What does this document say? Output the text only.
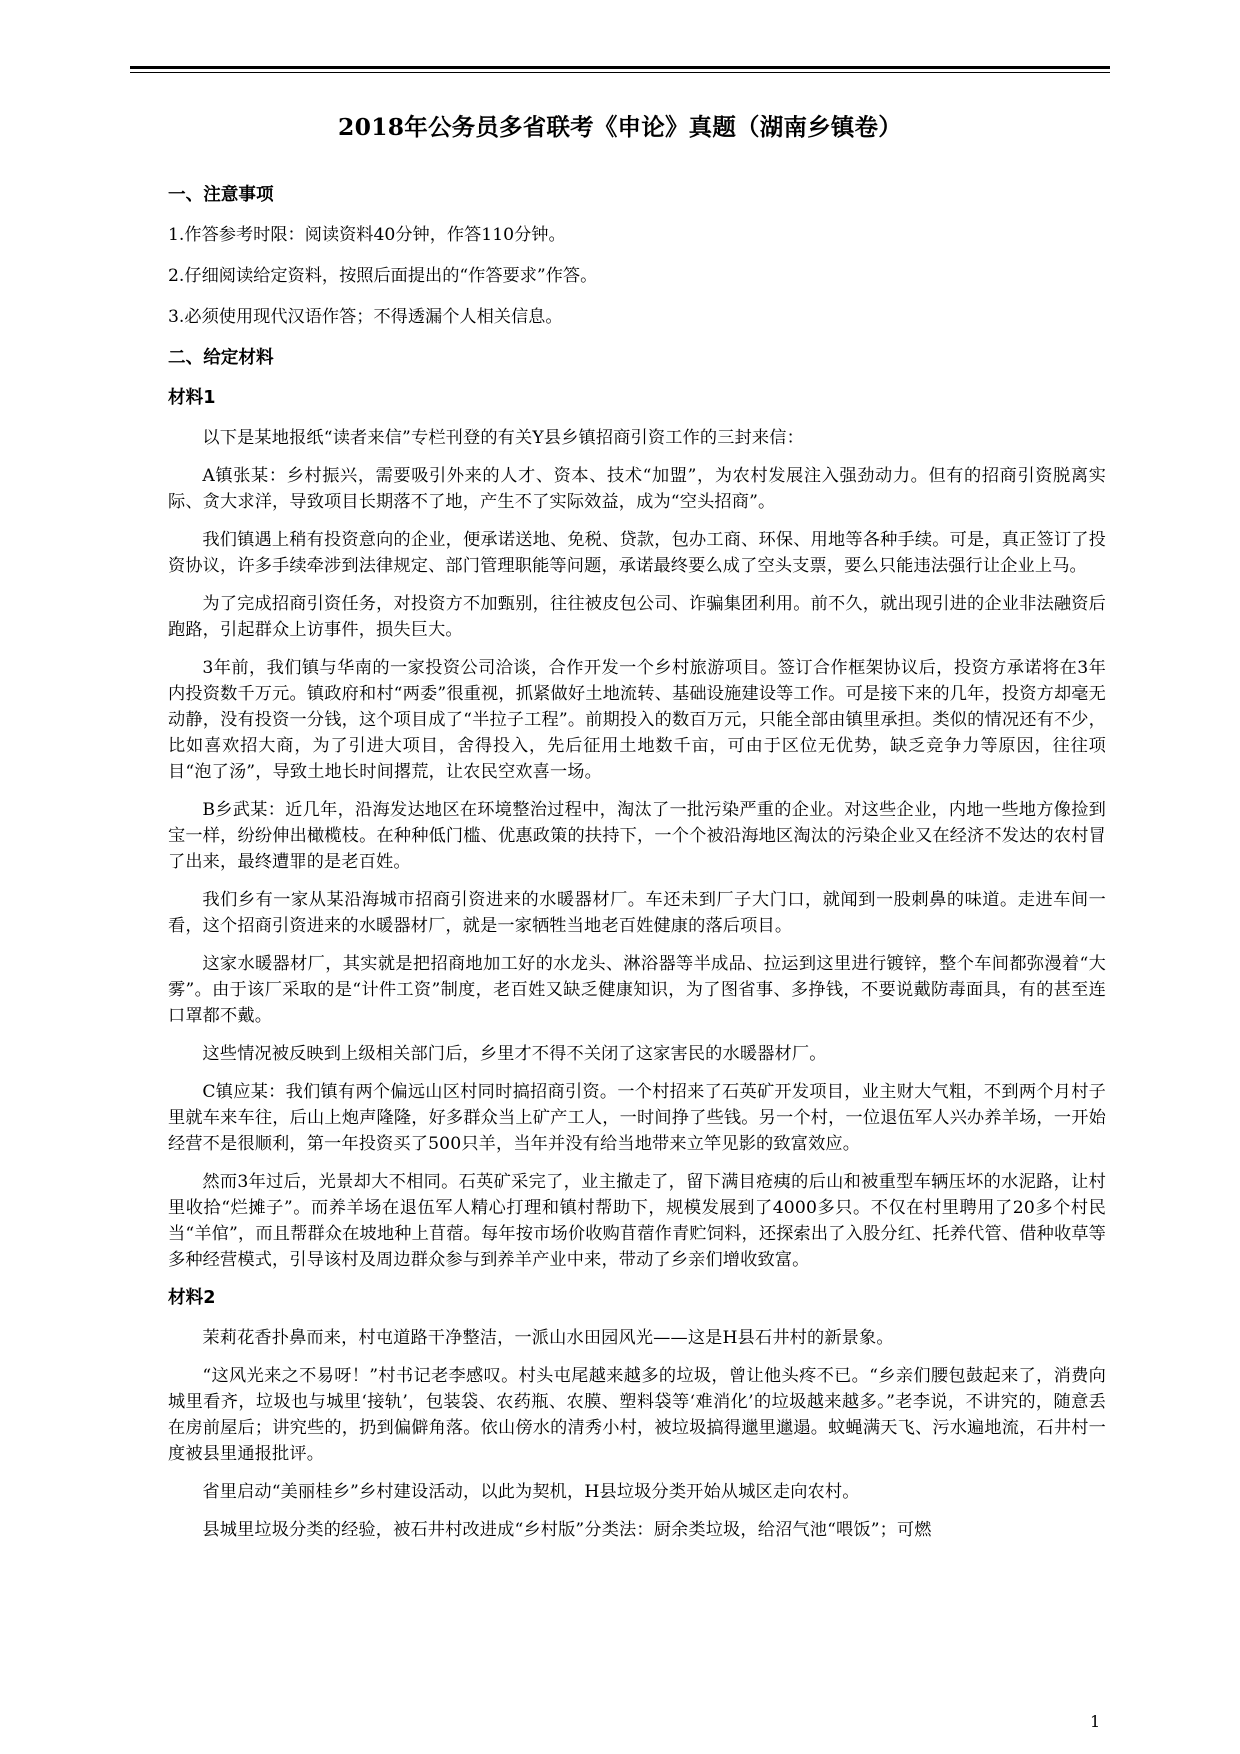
2018年公务员多省联考《申论》真题（湖南乡镇卷）
一、注意事项
1.作答参考时限：阅读资料40分钟，作答110分钟。
2.仔细阅读给定资料，按照后面提出的“作答要求”作答。
3.必须使用现代汉语作答；不得透漏个人相关信息。
二、给定材料
材料1

以下是某地报纸“读者来信”专栏刊登的有关Y县乡镇招商引资工作的三封来信：

A镇张某：乡村振兴，需要吸引外来的人才、资本、技术“加盟”，为农村发展注入强劲动力。但有的招商引资脱离实际、贪大求洋，导致项目长期落不了地，产生不了实际效益，成为“空头招商”。

我们镇遇上稍有投资意向的企业，便承诺送地、免税、贷款，包办工商、环保、用地等各种手续。可是，真正签订了投资协议，许多手续牵涉到法律规定、部门管理职能等问题，承诺最终要么成了空头支票，要么只能违法强行让企业上马。

为了完成招商引资任务，对投资方不加甄别，往往被皮包公司、诈骗集团利用。前不久，就出现引进的企业非法融资后跑路，引起群众上访事件，损失巨大。

3年前，我们镇与华南的一家投资公司洽谈，合作开发一个乡村旅游项目。签订合作框架协议后，投资方承诺将在3年内投资数千万元。镇政府和村“两委”很重视，抓紧做好土地流转、基础设施建设等工作。可是接下来的几年，投资方却毫无动静，没有投资一分钱，这个项目成了“半拉子工程”。前期投入的数百万元，只能全部由镇里承担。类似的情况还有不少，比如喜欢招大商，为了引进大项目，舍得投入，先后征用土地数千亩，可由于区位无优势，缺乏竞争力等原因，往往项目“泡了汤”，导致土地长时间撂荒，让农民空欢喜一场。

B乡武某：近几年，沿海发达地区在环境整治过程中，淘汰了一批污染严重的企业。对这些企业，内地一些地方像捡到宝一样，纷纷伸出橄榄枝。在种种低门槛、优惠政策的扶持下，一个个被沿海地区淘汰的污染企业又在经济不发达的农村冒了出来，最终遭罪的是老百姓。

我们乡有一家从某沿海城市招商引资进来的水暖器材厂。车还未到厂子大门口，就闻到一股刺鼻的味道。走进车间一看，这个招商引资进来的水暖器材厂，就是一家牺牲当地老百姓健康的落后项目。

这家水暖器材厂，其实就是把招商地加工好的水龙头、淋浴器等半成品、拉运到这里进行镀锌，整个车间都弥漫着“大雾”。由于该厂采取的是“计件工资”制度，老百姓又缺乏健康知识，为了图省事、多挣钱，不要说戴防毒面具，有的甚至连口罩都不戴。

这些情况被反映到上级相关部门后，乡里才不得不关闭了这家害民的水暖器材厂。

C镇应某：我们镇有两个偏远山区村同时搞招商引资。一个村招来了石英矿开发项目，业主财大气粗，不到两个月村子里就车来车往，后山上炮声隆隆，好多群众当上矿产工人，一时间挣了些钱。另一个村，一位退伍军人兴办养羊场，一开始经营不是很顺利，第一年投资买了500只羊，当年并没有给当地带来立竿见影的致富效应。

然而3年过后，光景却大不相同。石英矿采完了，业主撤走了，留下满目疮痍的后山和被重型车辆压坏的水泥路，让村里收拾“烂摊子”。而养羊场在退伍军人精心打理和镇村帮助下，规模发展到了4000多只。不仅在村里聘用了20多个村民当“羊倌”，而且帮群众在坡地种上苜蓿。每年按市场价收购苜蓿作青贮饲料，还探索出了入股分红、托养代管、借种收草等多种经营模式，引导该村及周边群众参与到养羊产业中来，带动了乡亲们增收致富。

材料2

茉莉花香扑鼻而来，村屯道路干净整洁，一派山水田园风光——这是H县石井村的新景象。

“这风光来之不易呀！”村书记老李感叹。村头屯尾越来越多的垃圾，曾让他头疼不已。“乡亲们腰包鼓起来了，消费向城里看齐，垃圾也与城里‘接轨’，包装袋、农药瓶、农膜、塑料袋等‘难消化’的垃圾越来越多。”老李说，不讲究的，随意丢在房前屋后；讲究些的，扔到偏僻角落。依山傍水的清秀小村，被垃圾搞得邋里邋遢。蚊蝇满天飞、污水遍地流，石井村一度被县里通报批评。

省里启动“美丽桂乡”乡村建设活动，以此为契机，H县垃圾分类开始从城区走向农村。

县城里垃圾分类的经验，被石井村改进成“乡村版”分类法：厨余类垃圾，给沼气池“喂饭”；可燃

1
